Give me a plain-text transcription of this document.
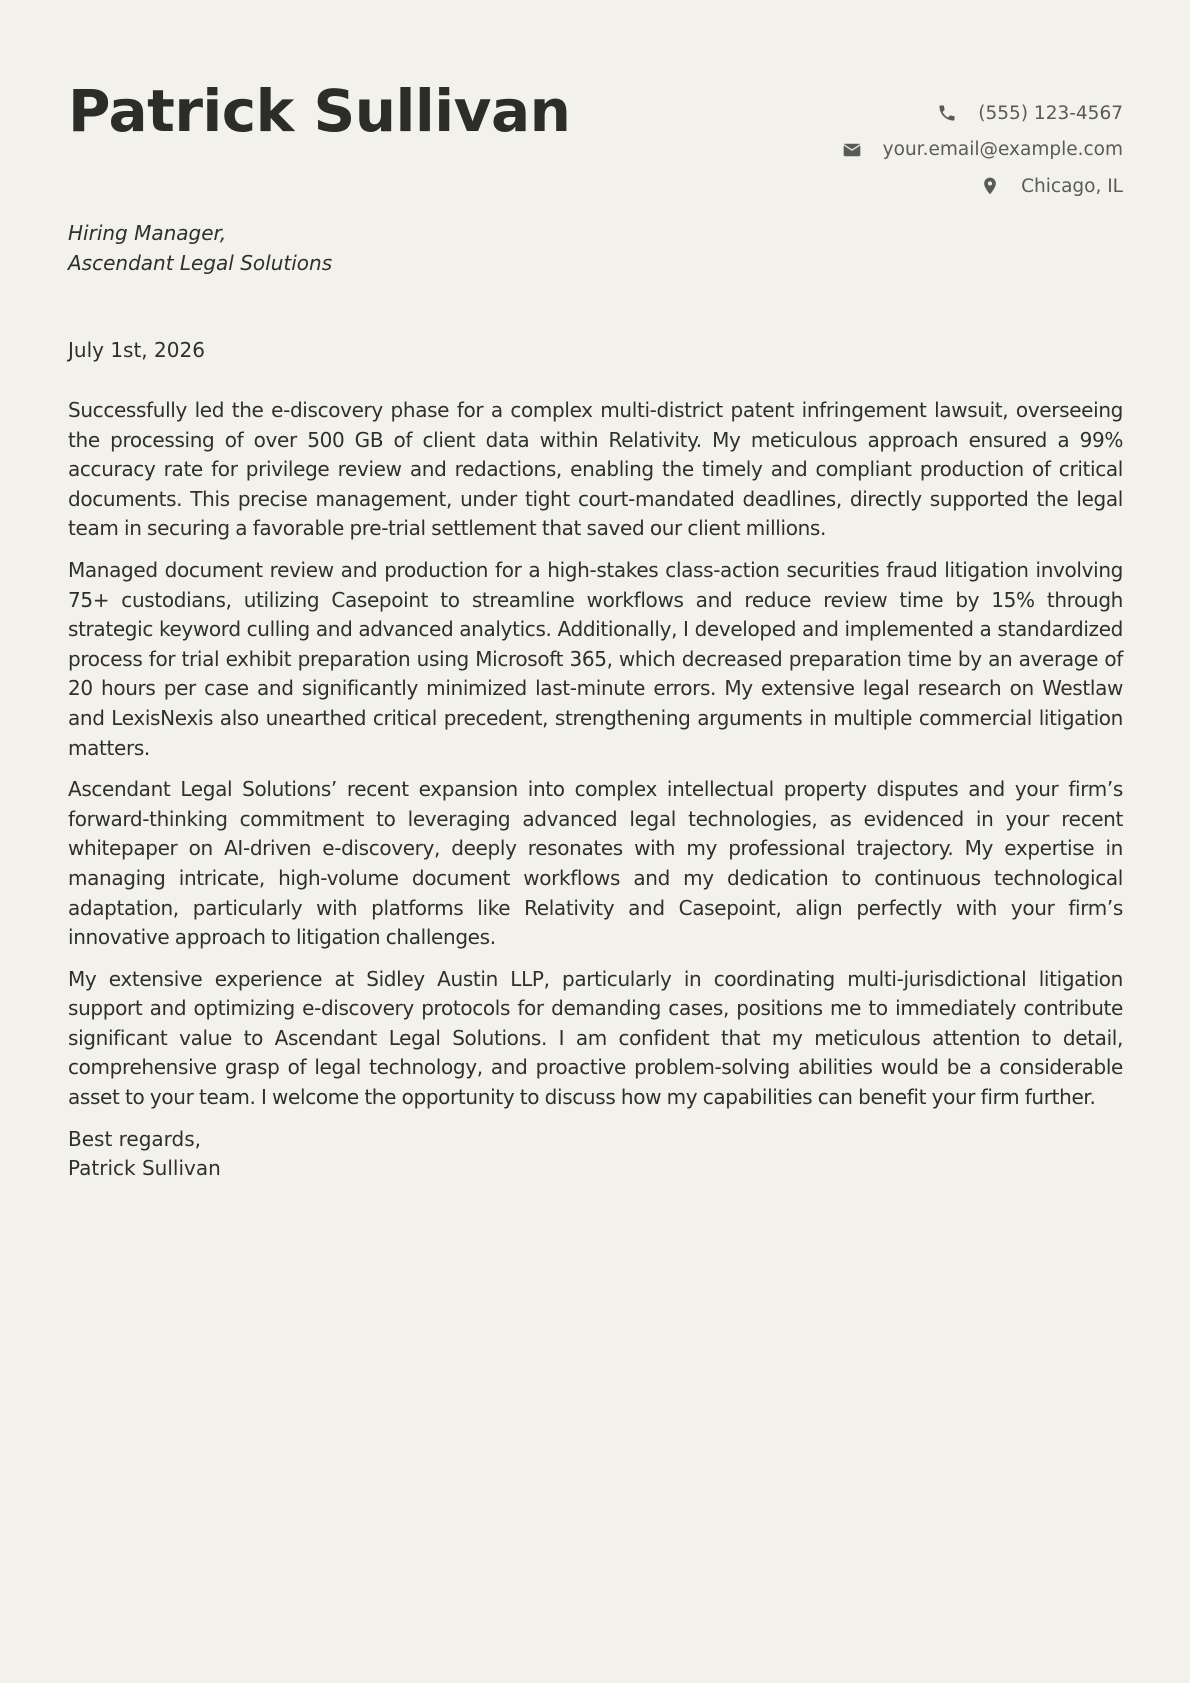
Patrick Sullivan	(555) 123-4567
your.email@example.com
Chicago, IL
Hiring Manager,
Ascendant Legal Solutions
July 1st, 2026

Successfully led the e-discovery phase for a complex multi-district patent infringement lawsuit, overseeing the processing of over 500 GB of client data within Relativity. My meticulous approach ensured a 99% accuracy rate for privilege review and redactions, enabling the timely and compliant production of critical documents. This precise management, under tight court-mandated deadlines, directly supported the legal team in securing a favorable pre-trial settlement that saved our client millions.

Managed document review and production for a high-stakes class-action securities fraud litigation involving 75+ custodians, utilizing Casepoint to streamline workflows and reduce review time by 15% through strategic keyword culling and advanced analytics. Additionally, I developed and implemented a standardized process for trial exhibit preparation using Microsoft 365, which decreased preparation time by an average of 20 hours per case and significantly minimized last-minute errors. My extensive legal research on Westlaw and LexisNexis also unearthed critical precedent, strengthening arguments in multiple commercial litigation matters.

Ascendant Legal Solutions’ recent expansion into complex intellectual property disputes and your firm’s forward-thinking commitment to leveraging advanced legal technologies, as evidenced in your recent whitepaper on AI-driven e-discovery, deeply resonates with my professional trajectory. My expertise in managing intricate, high-volume document workflows and my dedication to continuous technological adaptation, particularly with platforms like Relativity and Casepoint, align perfectly with your firm’s innovative approach to litigation challenges.

My extensive experience at Sidley Austin LLP, particularly in coordinating multi-jurisdictional litigation support and optimizing e-discovery protocols for demanding cases, positions me to immediately contribute significant value to Ascendant Legal Solutions. I am confident that my meticulous attention to detail, comprehensive grasp of legal technology, and proactive problem-solving abilities would be a considerable asset to your team. I welcome the opportunity to discuss how my capabilities can benefit your firm further.

Best regards,
Patrick Sullivan
